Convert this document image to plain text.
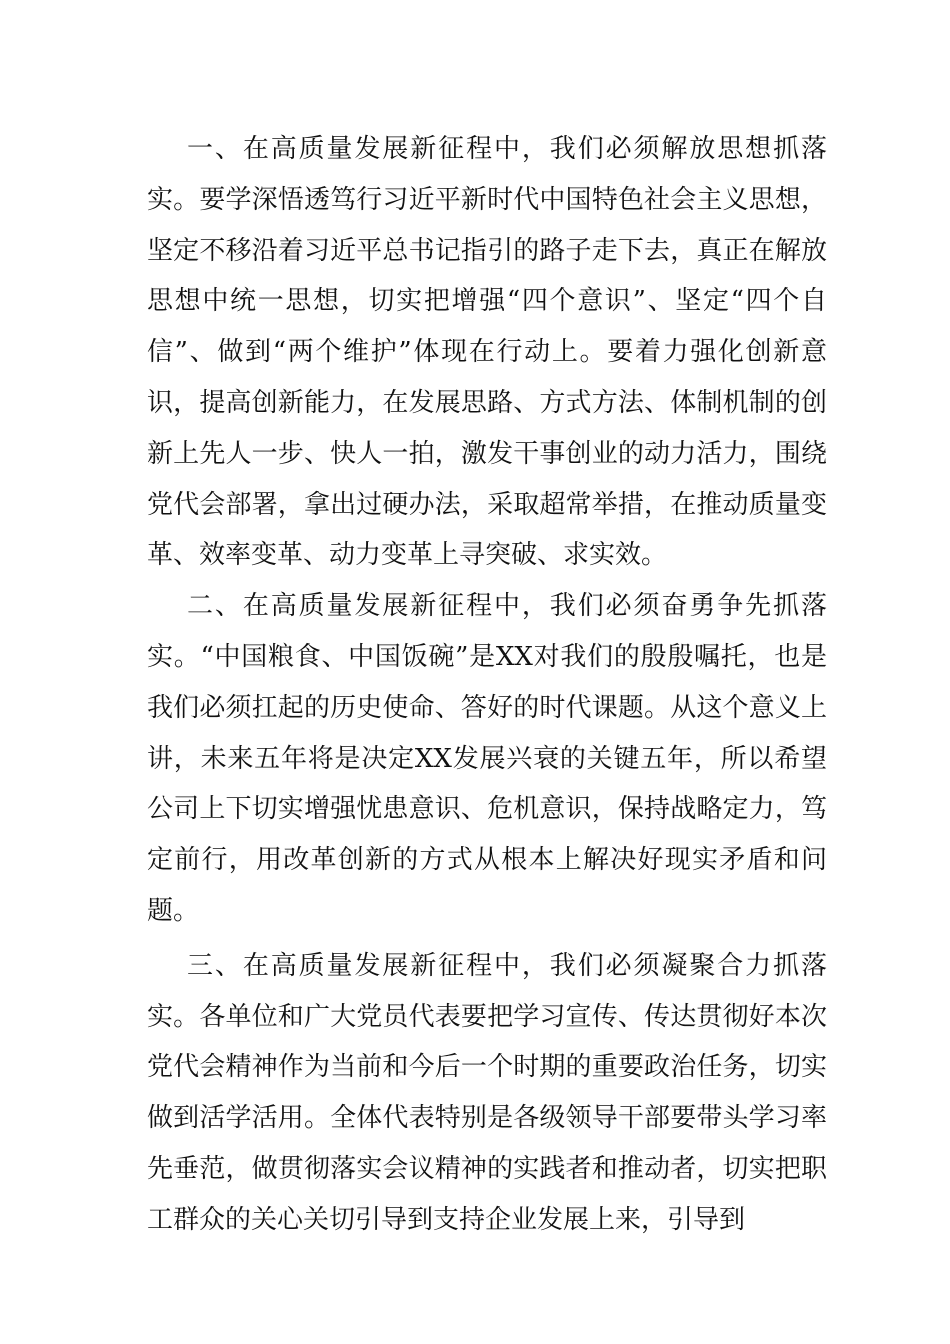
一、在高质量发展新征程中，我们必须解放思想抓落实。要学深悟透笃行习近平新时代中国特色社会主义思想，坚定不移沿着习近平总书记指引的路子走下去，真正在解放思想中统一思想，切实把增强“四个意识”、坚定“四个自信”、做到“两个维护”体现在行动上。要着力强化创新意识，提高创新能力，在发展思路、方式方法、体制机制的创新上先人一步、快人一拍，激发干事创业的动力活力，围绕党代会部署，拿出过硬办法，采取超常举措，在推动质量变革、效率变革、动力变革上寻突破、求实效。

二、在高质量发展新征程中，我们必须奋勇争先抓落实。“中国粮食、中国饭碗”是XX对我们的殷殷嘱托，也是我们必须扛起的历史使命、答好的时代课题。从这个意义上讲，未来五年将是决定XX发展兴衰的关键五年，所以希望公司上下切实增强忧患意识、危机意识，保持战略定力，笃定前行，用改革创新的方式从根本上解决好现实矛盾和问题。

三、在高质量发展新征程中，我们必须凝聚合力抓落实。各单位和广大党员代表要把学习宣传、传达贯彻好本次党代会精神作为当前和今后一个时期的重要政治任务，切实做到活学活用。全体代表特别是各级领导干部要带头学习率先垂范，做贯彻落实会议精神的实践者和推动者，切实把职工群众的关心关切引导到支持企业发展上来，引导到
